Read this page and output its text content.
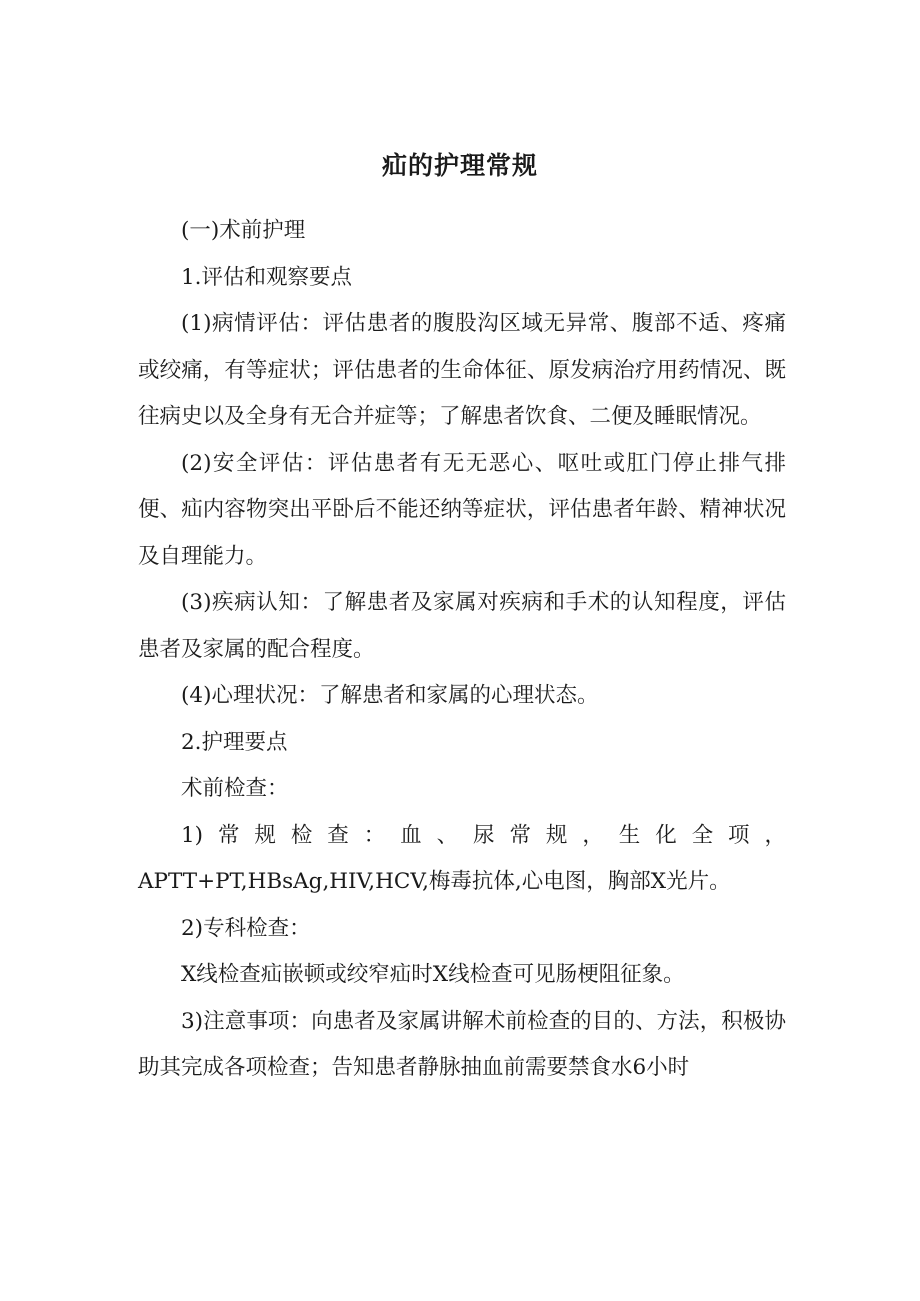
疝的护理常规

(一)术前护理

1.评估和观察要点

(1)病情评估：评估患者的腹股沟区域无异常、腹部不适、疼痛或绞痛，有等症状；评估患者的生命体征、原发病治疗用药情况、既往病史以及全身有无合并症等；了解患者饮食、二便及睡眠情况。

(2)安全评估：评估患者有无无恶心、呕吐或肛门停止排气排便、疝内容物突出平卧后不能还纳等症状，评估患者年龄、精神状况及自理能力。

(3)疾病认知：了解患者及家属对疾病和手术的认知程度，评估患者及家属的配合程度。

(4)心理状况：了解患者和家属的心理状态。

2.护理要点

术前检查：

1)常规检查：血、尿常规，生化全项，

APTT+PT,HBsAg,HIV,HCV,梅毒抗体,心电图，胸部X光片。

2)专科检查：

X线检查疝嵌顿或绞窄疝时X线检查可见肠梗阻征象。

3)注意事项：向患者及家属讲解术前检查的目的、方法，积极协助其完成各项检查；告知患者静脉抽血前需要禁食水6小时
